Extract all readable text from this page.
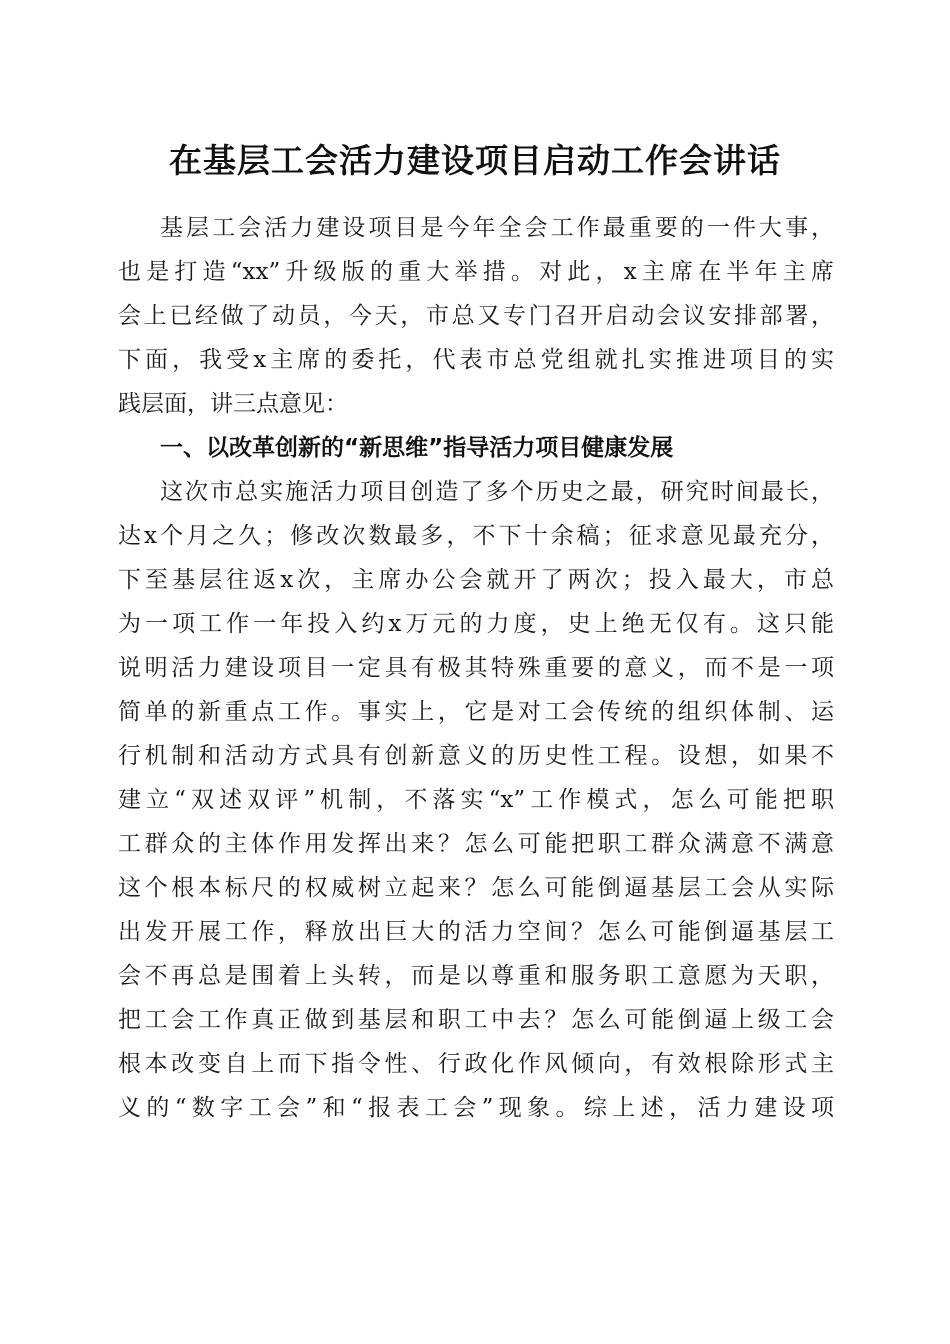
在基层工会活力建设项目启动工作会讲话
基层工会活力建设项目是今年全会工作最重要的一件大事，
也是打造“xx”升级版的重大举措。对此，x主席在半年主席
会上已经做了动员，今天，市总又专门召开启动会议安排部署，
下面，我受x主席的委托，代表市总党组就扎实推进项目的实
践层面，讲三点意见：
一、以改革创新的“新思维”指导活力项目健康发展
这次市总实施活力项目创造了多个历史之最，研究时间最长，
达x个月之久；修改次数最多，不下十余稿；征求意见最充分，
下至基层往返x次，主席办公会就开了两次；投入最大，市总
为一项工作一年投入约x万元的力度，史上绝无仅有。这只能
说明活力建设项目一定具有极其特殊重要的意义，而不是一项
简单的新重点工作。事实上，它是对工会传统的组织体制、运
行机制和活动方式具有创新意义的历史性工程。设想，如果不
建立“双述双评”机制，不落实“x”工作模式，怎么可能把职
工群众的主体作用发挥出来？怎么可能把职工群众满意不满意
这个根本标尺的权威树立起来？怎么可能倒逼基层工会从实际
出发开展工作，释放出巨大的活力空间？怎么可能倒逼基层工
会不再总是围着上头转，而是以尊重和服务职工意愿为天职，
把工会工作真正做到基层和职工中去？怎么可能倒逼上级工会
根本改变自上而下指令性、行政化作风倾向，有效根除形式主
义的“数字工会”和“报表工会”现象。综上述，活力建设项
